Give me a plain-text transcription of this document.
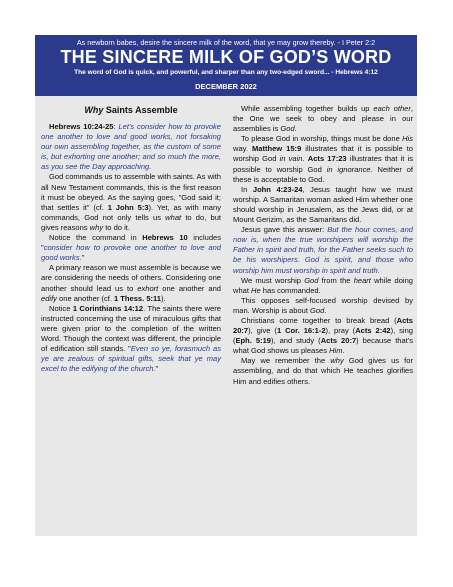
As newborn babes, desire the sincere milk of the word, that ye may grow thereby. - I Peter 2:2
THE SINCERE MILK OF GOD’S WORD
The word of God is quick, and powerful, and sharper than any two-edged sword... - Hebrews 4:12
DECEMBER 2022

Why Saints Assemble

Hebrews 10:24-25: Let's consider how to provoke one another to love and good works, not forsaking our own assembling together, as the custom of some is, but exhorting one another; and so much the more, as you see the Day approaching.

God commands us to assemble with saints. As with all New Testament commands, this is the first reason it must be obeyed. As the saying goes, "God said it; that settles it" (cf. 1 John 5:3). Yet, as with many commands, God not only tells us what to do, but gives reasons why to do it.

Notice the command in Hebrews 10 includes "consider how to provoke one another to love and good works."

A primary reason we must assemble is because we are considering the needs of others. Considering one another should lead us to exhort one another and edify one another (cf. 1 Thess. 5:11).

Notice 1 Corinthians 14:12. The saints there were instructed concerning the use of miraculous gifts that were given prior to the completion of the written Word. Though the context was different, the principle of edification still stands. "Even so ye, forasmuch as ye are zealous of spiritual gifts, seek that ye may excel to the edifying of the church."

While assembling together builds up each other, the One we seek to obey and please in our assemblies is God.

To please God in worship, things must be done His way. Matthew 15:9 illustrates that it is possible to worship God in vain. Acts 17:23 illustrates that it is possible to worship God in ignorance. Neither of these is acceptable to God.

In John 4:23-24, Jesus taught how we must worship. A Samaritan woman asked Him whether one should worship in Jerusalem, as the Jews did, or at Mount Gerizim, as the Samaritans did.

Jesus gave this answer: But the hour comes, and now is, when the true worshipers will worship the Father in spirit and truth, for the Father seeks such to be his worshipers. God is spirit, and those who worship him must worship in spirit and truth.

We must worship God from the heart while doing what He has commanded.

This opposes self-focused worship devised by man. Worship is about God.

Christians come together to break bread (Acts 20:7), give (1 Cor. 16:1-2), pray (Acts 2:42), sing (Eph. 5:19), and study (Acts 20:7) because that's what God shows us pleases Him.

May we remember the why God gives us for assembling, and do that which He teaches glorifies Him and edifies others.
